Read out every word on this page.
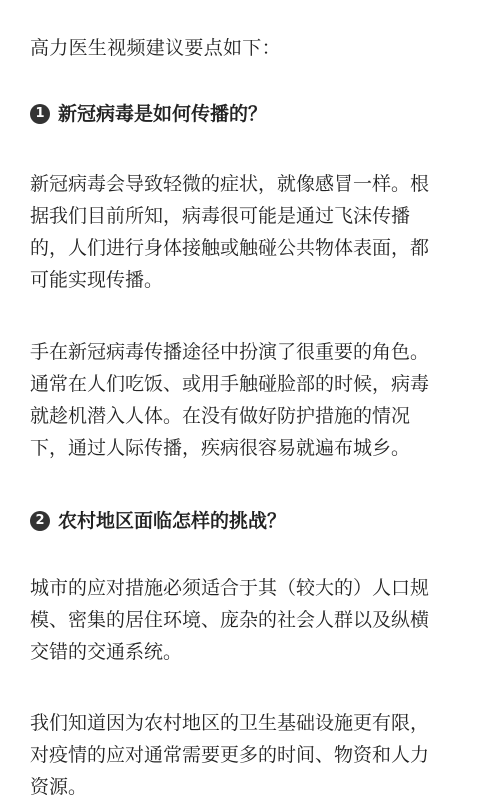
高力医生视频建议要点如下：

1 新冠病毒是如何传播的？
新冠病毒会导致轻微的症状，就像感冒一样。根
据我们目前所知，病毒很可能是通过飞沫传播
的，人们进行身体接触或触碰公共物体表面，都
可能实现传播。
手在新冠病毒传播途径中扮演了很重要的角色。
通常在人们吃饭、或用手触碰脸部的时候，病毒
就趁机潜入人体。在没有做好防护措施的情况
下，通过人际传播，疾病很容易就遍布城乡。
2 农村地区面临怎样的挑战？
城市的应对措施必须适合于其（较大的）人口规
模、密集的居住环境、庞杂的社会人群以及纵横
交错的交通系统。
我们知道因为农村地区的卫生基础设施更有限，
对疫情的应对通常需要更多的时间、物资和人力
资源。
